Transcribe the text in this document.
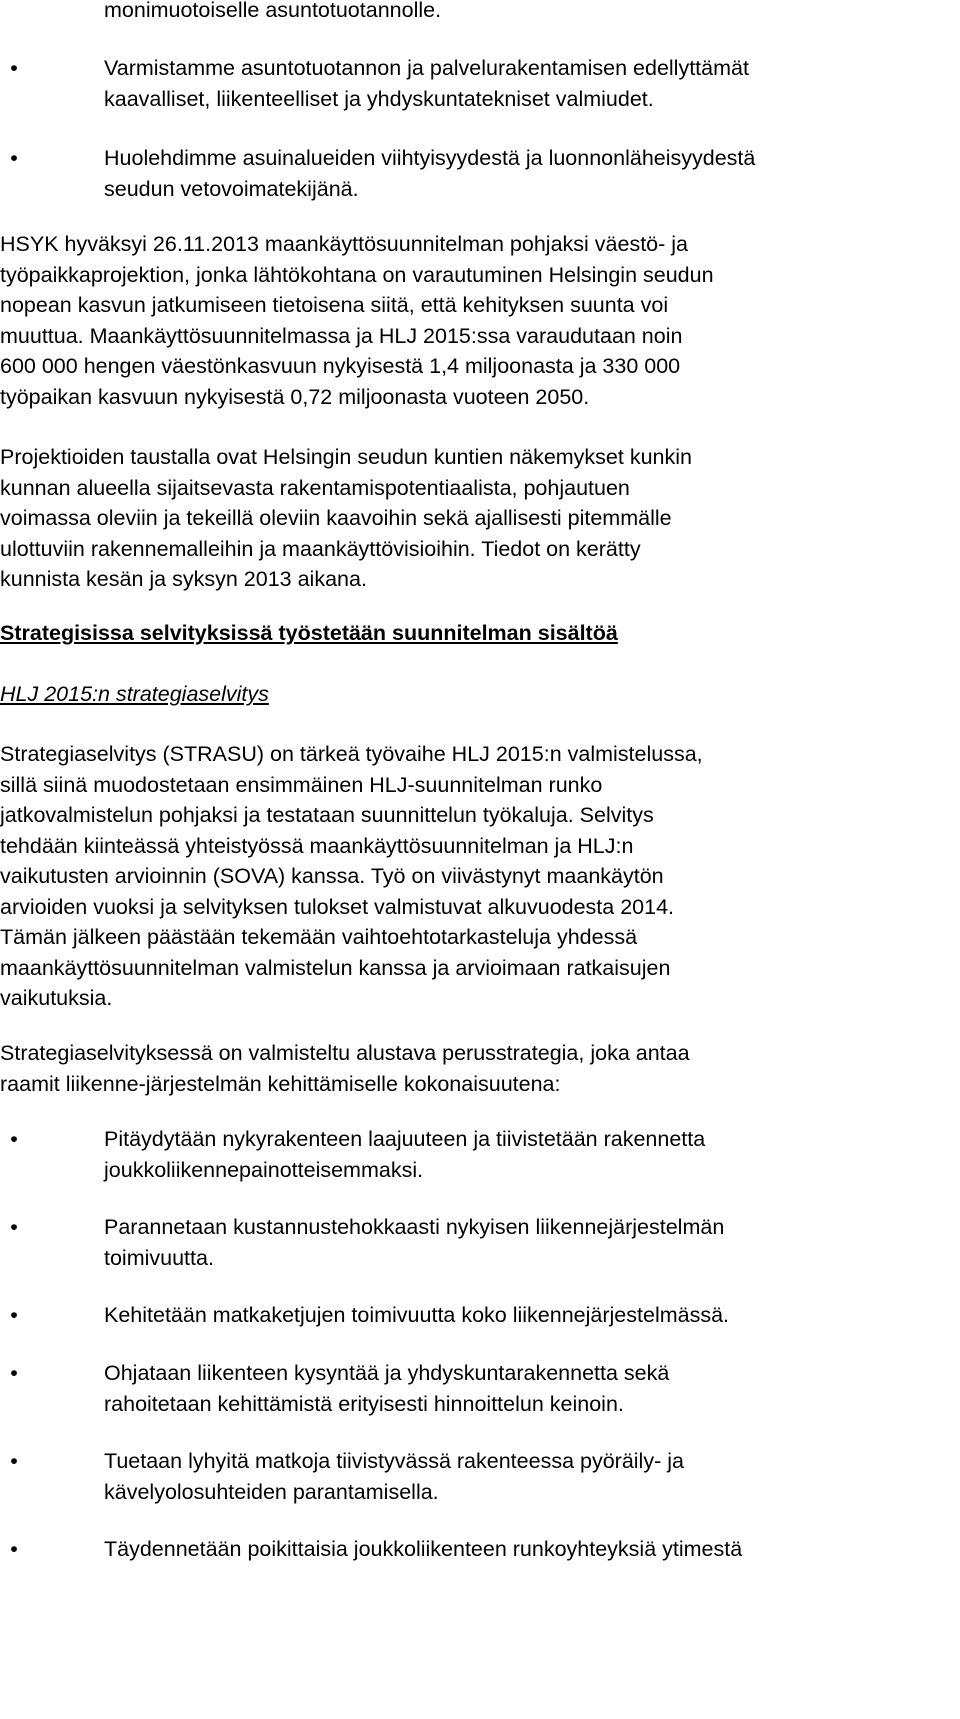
monimuotoiselle asuntotuotannolle.
•	Varmistamme asuntotuotannon ja palvelurakentamisen edellyttämät
kaavalliset, liikenteelliset ja yhdyskuntatekniset valmiudet.
•	Huolehdimme asuinalueiden viihtyisyydestä ja luonnonläheisyydestä
seudun vetovoimatekijänä.
HSYK hyväksyi 26.11.2013 maankäyttösuunnitelman pohjaksi väestö- ja
työpaikkaprojektion, jonka lähtökohtana on varautuminen Helsingin seudun
nopean kasvun jatkumiseen tietoisena siitä, että kehityksen suunta voi
muuttua. Maankäyttösuunnitelmassa ja HLJ 2015:ssa varaudutaan noin
600 000 hengen väestönkasvuun nykyisestä 1,4 miljoonasta ja 330 000
työpaikan kasvuun nykyisestä 0,72 miljoonasta vuoteen 2050.
Projektioiden taustalla ovat Helsingin seudun kuntien näkemykset kunkin
kunnan alueella sijaitsevasta rakentamispotentiaalista, pohjautuen
voimassa oleviin ja tekeillä oleviin kaavoihin sekä ajallisesti pitemmälle
ulottuviin rakennemalleihin ja maankäyttövisioihin. Tiedot on kerätty
kunnista kesän ja syksyn 2013 aikana.
Strategisissa selvityksissä työstetään suunnitelman sisältöä
HLJ 2015:n strategiaselvitys
Strategiaselvitys (STRASU) on tärkeä työvaihe HLJ 2015:n valmistelussa,
sillä siinä muodostetaan ensimmäinen HLJ-suunnitelman runko
jatkovalmistelun pohjaksi ja testataan suunnittelun työkaluja. Selvitys
tehdään kiinteässä yhteistyössä maankäyttösuunnitelman ja HLJ:n
vaikutusten arvioinnin (SOVA) kanssa. Työ on viivästynyt maankäytön
arvioiden vuoksi ja selvityksen tulokset valmistuvat alkuvuodesta 2014.
Tämän jälkeen päästään tekemään vaihtoehtotarkasteluja yhdessä
maankäyttösuunnitelman valmistelun kanssa ja arvioimaan ratkaisujen
vaikutuksia.
Strategiaselvityksessä on valmisteltu alustava perusstrategia, joka antaa
raamit liikenne-järjestelmän kehittämiselle kokonaisuutena:
•	Pitäydytään nykyrakenteen laajuuteen ja tiivistetään rakennetta
joukkoliikennepainotteisemmaksi.
•	Parannetaan kustannustehokkaasti nykyisen liikennejärjestelmän
toimivuutta.
•	Kehitetään matkaketjujen toimivuutta koko liikennejärjestelmässä.
•	Ohjataan liikenteen kysyntää ja yhdyskuntarakennetta sekä
rahoitetaan kehittämistä erityisesti hinnoittelun keinoin.
•	Tuetaan lyhyitä matkoja tiivistyvässä rakenteessa pyöräily- ja
kävelyolosuhteiden parantamisella.
•	Täydennetään poikittaisia joukkoliikenteen runkoyhteyksiä ytimestä
